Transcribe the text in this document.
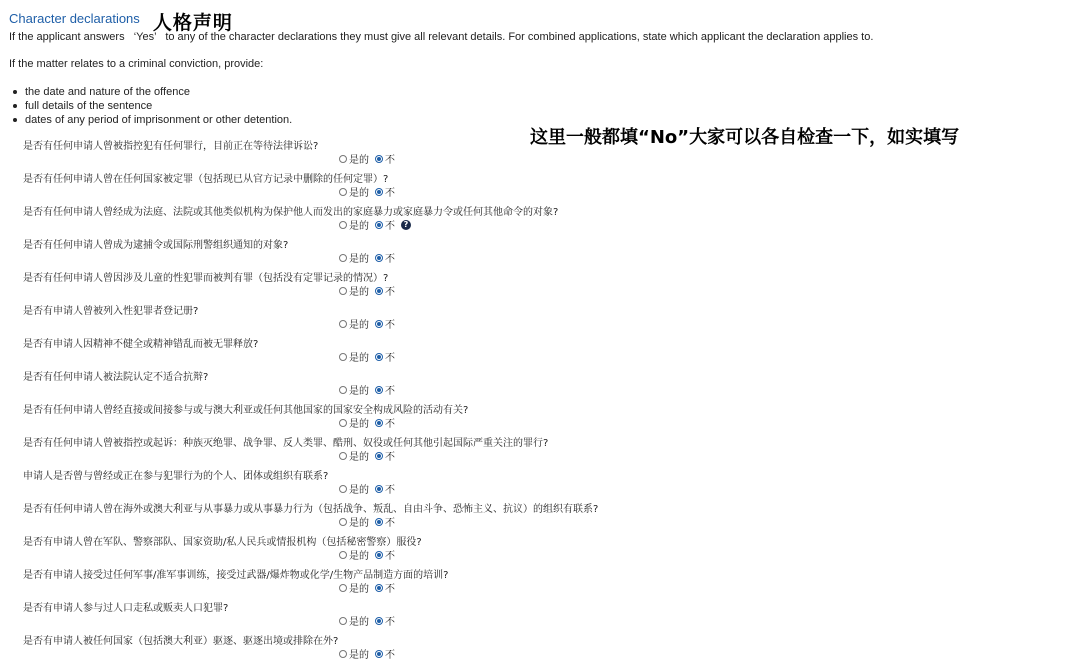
Character declarations 人格声明
If the applicant answers   ‘Yes’   to any of the character declarations they must give all relevant details. For combined applications, state which applicant the declaration applies to.
If the matter relates to a criminal conviction, provide:
the date and nature of the offence
full details of the sentence
dates of any period of imprisonment or other detention.
这里一般都填“No”大家可以各自检查一下，如实填写
是否有任何申请人曾被指控犯有任何罪行，目前正在等待法律诉讼?
是的 不
是否有任何申请人曾在任何国家被定罪（包括现已从官方记录中删除的任何定罪）?
是的 不
是否有任何申请人曾经成为法庭、法院或其他类似机构为保护他人而发出的家庭暴力或家庭暴力令或任何其他命令的对象?
是的 不	?
是否有任何申请人曾成为逮捕令或国际刑警组织通知的对象?
是的 不
是否有任何申请人曾因涉及儿童的性犯罪而被判有罪（包括没有定罪记录的情况）?
是的 不
是否有申请人曾被列入性犯罪者登记册?
是的 不
是否有申请人因精神不健全或精神错乱而被无罪释放?
是的 不
是否有任何申请人被法院认定不适合抗辩?
是的 不
是否有任何申请人曾经直接或间接参与或与澳大利亚或任何其他国家的国家安全构成风险的活动有关?
是的 不
是否有任何申请人曾被指控或起诉：种族灭绝罪、战争罪、反人类罪、酷刑、奴役或任何其他引起国际严重关注的罪行?
是的 不
申请人是否曾与曾经或正在参与犯罪行为的个人、团体或组织有联系?
是的 不
是否有任何申请人曾在海外或澳大利亚与从事暴力或从事暴力行为（包括战争、叛乱、自由斗争、恐怖主义、抗议）的组织有联系?
是的 不
是否有申请人曾在军队、警察部队、国家资助/私人民兵或情报机构（包括秘密警察）服役?
是的 不
是否有申请人接受过任何军事/准军事训练，接受过武器/爆炸物或化学/生物产品制造方面的培训?
是的 不
是否有申请人参与过人口走私或贩卖人口犯罪?
是的 不
是否有申请人被任何国家（包括澳大利亚）驱逐、驱逐出境或排除在外?
是的 不
